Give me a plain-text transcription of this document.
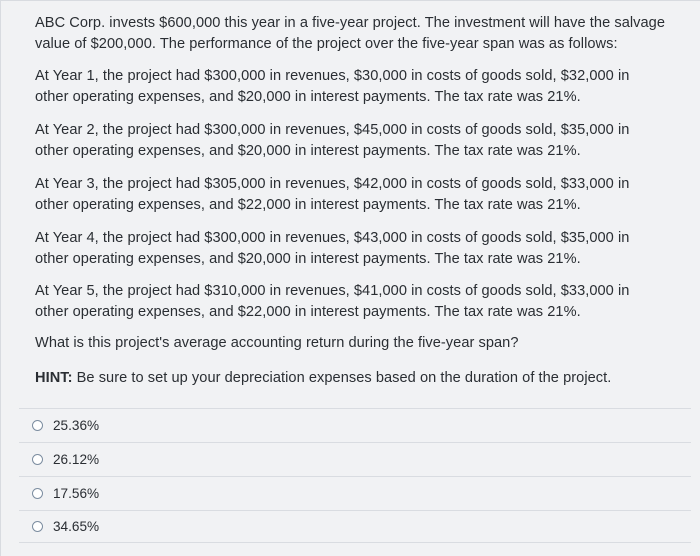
ABC Corp. invests $600,000 this year in a five-year project. The investment will have the salvage value of $200,000. The performance of the project over the five-year span was as follows:

At Year 1, the project had $300,000 in revenues, $30,000 in costs of goods sold, $32,000 in other operating expenses, and $20,000 in interest payments. The tax rate was 21%.

At Year 2, the project had $300,000 in revenues, $45,000 in costs of goods sold, $35,000 in other operating expenses, and $20,000 in interest payments. The tax rate was 21%.

At Year 3, the project had $305,000 in revenues, $42,000 in costs of goods sold, $33,000 in other operating expenses, and $22,000 in interest payments. The tax rate was 21%.

At Year 4, the project had $300,000 in revenues, $43,000 in costs of goods sold, $35,000 in other operating expenses, and $20,000 in interest payments. The tax rate was 21%.

At Year 5, the project had $310,000 in revenues, $41,000 in costs of goods sold, $33,000 in other operating expenses, and $22,000 in interest payments. The tax rate was 21%.

What is this project's average accounting return during the five-year span?

HINT: Be sure to set up your depreciation expenses based on the duration of the project.

25.36%
26.12%
17.56%
34.65%
